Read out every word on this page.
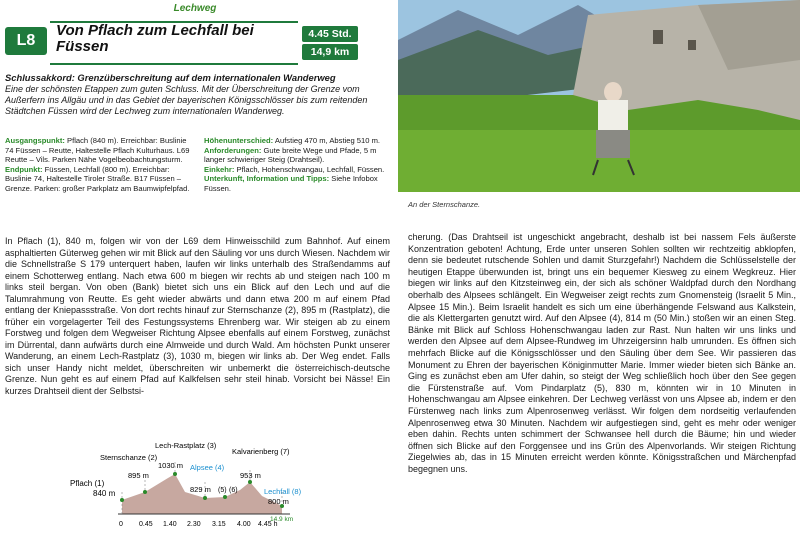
Lechweg
L8
Von Pflach zum Lechfall bei Füssen
4.45 Std.
14,9 km
Schlussakkord: Grenzüberschreitung auf dem internationalen Wanderweg
Eine der schönsten Etappen zum guten Schluss. Mit der Überschreitung der Grenze vom Außerfern ins Allgäu und in das Gebiet der bayerischen Königsschlösser bis zum reitenden Städtchen Füssen wird der Lechweg zum internationalen Wanderweg.
Ausgangspunkt: Pflach (840 m). Erreichbar: Buslinie 74 Füssen – Reutte, Haltestelle Pflach Kulturhaus. L69 Reutte – Vils. Parken Nähe Vogelbeobachtungsturm.
Endpunkt: Füssen, Lechfall (800 m). Erreichbar: Buslinie 74, Haltestelle Tiroler Straße. B17 Füssen – Grenze. Parken: großer Parkplatz am Baumwipfelpfad.
Höhenunterschied: Aufstieg 470 m, Abstieg 510 m.
Anforderungen: Gute breite Wege und Pfade, 5 m langer schwieriger Steig (Drahtseil).
Einkehr: Pflach, Hohenschwangau, Lechfall, Füssen.
Unterkunft, Information und Tipps: Siehe Infobox Füssen.
In Pflach (1), 840 m, folgen wir von der L69 dem Hinweisschild zum Bahnhof. Auf einem asphaltierten Güterweg gehen wir mit Blick auf den Säuling vor uns durch Wiesen. Nachdem wir die Schnellstraße S 179 unterquert haben, laufen wir links unterhalb des Straßendamms auf einem Schotterweg entlang. Nach etwa 600 m biegen wir rechts ab und steigen nach 100 m links steil bergan. Von oben (Bank) bietet sich uns ein Blick auf den Lech und auf die Talumrahmung von Reutte. Es geht wieder abwärts und dann etwa 200 m auf einem Pfad entlang der Kniepassstraße. Von dort rechts hinauf zur Sternschanze (2), 895 m (Rastplatz), die früher ein vorgelagerter Teil des Festungssystems Ehrenberg war. Wir steigen ab zu einem Forstweg und folgen dem Wegweiser Richtung Alpsee ebenfalls auf einem Forstweg, zunächst im Dürrental, dann aufwärts durch eine Almweide und durch Wald. Am höchsten Punkt unserer Wanderung, an einem Lech-Rastplatz (3), 1030 m, biegen wir links ab. Der Weg endet. Falls sich unser Handy nicht meldet, überschreiten wir unbemerkt die österreichisch-deutsche Grenze. Nun geht es auf einem Pfad auf Kalkfelsen sehr steil hinab. Vorsicht bei Nässe! Ein kurzes Drahtseil dient der Selbstsi-
An der Sternschanze.
cherung. (Das Drahtseil ist ungeschickt angebracht, deshalb ist bei nassem Fels äußerste Konzentration geboten! Achtung, Erde unter unseren Sohlen sollten wir rechtzeitig abklopfen, denn sie bedeutet rutschende Sohlen und damit Sturzgefahr!) Nachdem die Schlüsselstelle der heutigen Etappe überwunden ist, bringt uns ein bequemer Kiesweg zu einem Wegkreuz. Hier biegen wir links auf den Kitzsteinweg ein, der sich als schöner Waldpfad durch den Nordhang oberhalb des Alpsees schlängelt. Ein Wegweiser zeigt rechts zum Gnomensteig (Israelit 5 Min., Alpsee 15 Min.). Beim Israelit handelt es sich um eine überhängende Felswand aus Kalkstein, die als Klettergarten genutzt wird. Auf den Alpsee (4), 814 m (50 Min.) stoßen wir an einen Steg. Bänke mit Blick auf Schloss Hohenschwangau laden zur Rast. Nun halten wir uns links und werden den Alpsee auf dem Alpsee-Rundweg im Uhrzeigersinn halb umrunden. Es öffnen sich mehrfach Blicke auf die Königsschlösser und den Säuling über dem See. Wir passieren das Monument zu Ehren der bayerischen Königinmutter Marie. Immer wieder bieten sich Bänke an. Ging es zunächst eben am Ufer dahin, so steigt der Weg schließlich hoch über den See gegen die Fürstenstraße auf. Vom Pindarplatz (5), 830 m, könnten wir in 10 Minuten in Hohenschwangau am Alpsee einkehren. Der Lechweg verlässt von uns Alpsee ab, indem er den Fürstenweg nach links zum Alpenrosenweg verlässt. Wir folgen dem nordseitig verlaufenden Alpenrosenweg etwa 30 Minuten. Nachdem wir aufgestiegen sind, geht es mehr oder weniger eben dahin. Rechts unten schimmert der Schwansee hell durch die Bäume; hin und wieder öffnen sich Blicke auf den Forggensee und ins Grün des Alpenvorlands. Wir steigen Richtung Ziegelwies ab, das in 15 Minuten erreicht werden könnte. Königsstraßchen und Märchenpfad begegnen uns.
Pflach (1)
840 m
Sternschanze (2)
895 m
Lech-Rastplatz (3)
1030 m Alpsee (4)
829 m
Kalvarienberg (7)
953 m
Lechfall (8)
800 m
(5) (6)
14.9 km
0 0.45 1.40 2.30 3.15 4.00 4.45 h
